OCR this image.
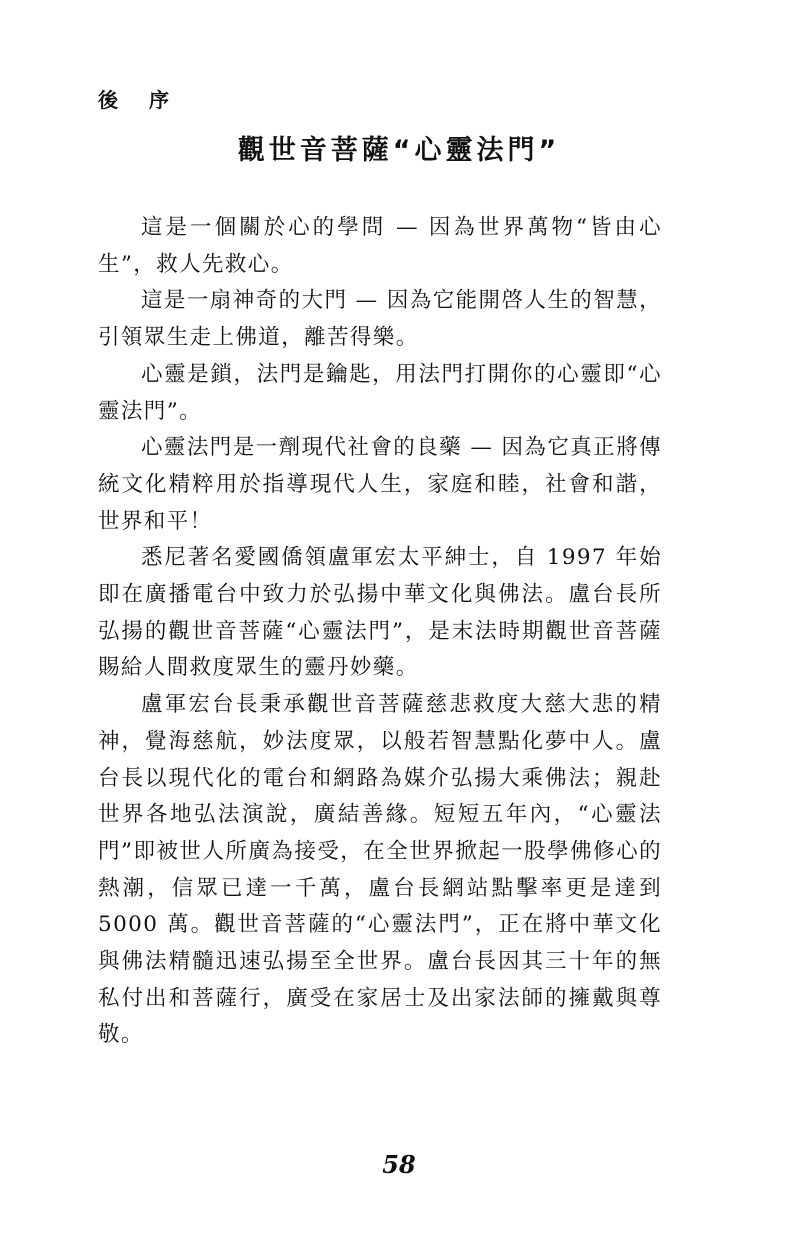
後 序
觀世音菩薩“心靈法門”

這是一個關於心的學問 — 因為世界萬物“皆由心生”，救人先救心。

這是一扇神奇的大門 — 因為它能開啓人生的智慧，引領眾生走上佛道，離苦得樂。

心靈是鎖，法門是鑰匙，用法門打開你的心靈即“心靈法門”。

心靈法門是一劑現代社會的良藥 — 因為它真正將傳統文化精粹用於指導現代人生，家庭和睦，社會和諧，世界和平！

悉尼著名愛國僑領盧軍宏太平紳士，自 1997 年始即在廣播電台中致力於弘揚中華文化與佛法。盧台長所弘揚的觀世音菩薩“心靈法門”，是末法時期觀世音菩薩賜給人間救度眾生的靈丹妙藥。

盧軍宏台長秉承觀世音菩薩慈悲救度大慈大悲的精神，覺海慈航，妙法度眾，以般若智慧點化夢中人。盧台長以現代化的電台和網路為媒介弘揚大乘佛法；親赴世界各地弘法演說，廣結善緣。短短五年內，“心靈法門”即被世人所廣為接受，在全世界掀起一股學佛修心的熱潮，信眾已達一千萬，盧台長網站點擊率更是達到 5000 萬。觀世音菩薩的“心靈法門”，正在將中華文化與佛法精髓迅速弘揚至全世界。盧台長因其三十年的無私付出和菩薩行，廣受在家居士及出家法師的擁戴與尊敬。

58
